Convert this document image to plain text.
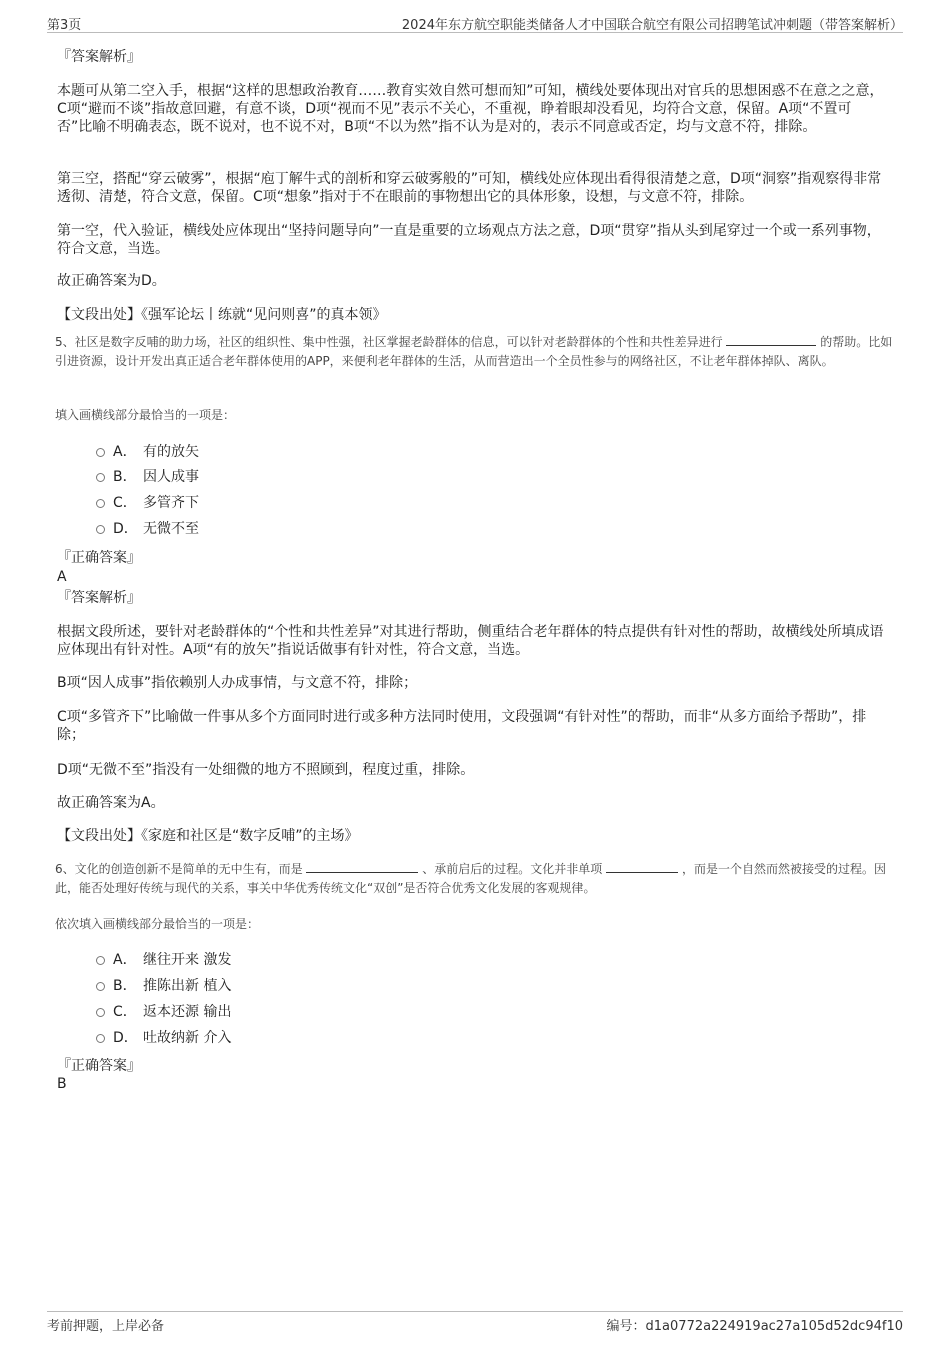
第3页	2024年东方航空职能类储备人才中国联合航空有限公司招聘笔试冲刺题（带答案解析）
『答案解析』
本题可从第二空入手，根据“这样的思想政治教育……教育实效自然可想而知”可知，横线处要体现出对官兵的思想困惑不在意之之意，C项“避而不谈”指故意回避，有意不谈，D项“视而不见”表示不关心，不重视，睁着眼却没看见，均符合文意，保留。A项“不置可否”比喻不明确表态，既不说对，也不说不对，B项“不以为然”指不认为是对的，表示不同意或否定，均与文意不符，排除。
第三空，搭配“穿云破雾”，根据“庖丁解牛式的剖析和穿云破雾般的”可知，横线处应体现出看得很清楚之意，D项“洞察”指观察得非常透彻、清楚，符合文意，保留。C项“想象”指对于不在眼前的事物想出它的具体形象，设想，与文意不符，排除。
第一空，代入验证，横线处应体现出“坚持问题导向”一直是重要的立场观点方法之意，D项“贯穿”指从头到尾穿过一个或一系列事物，符合文意，当选。
故正确答案为D。
【文段出处】《强军论坛丨练就“见问则喜”的真本领》
5、社区是数字反哺的助力场，社区的组织性、集中性强，社区掌握老龄群体的信息，可以针对老龄群体的个性和共性差异进行	的帮助。比如引进资源，设计开发出真正适合老年群体使用的APP，来便利老年群体的生活，从而营造出一个全员性参与的网络社区，不让老年群体掉队、离队。
填入画横线部分最恰当的一项是：
A． 有的放矢
B． 因人成事
C． 多管齐下
D． 无微不至
『正确答案』
A
『答案解析』
根据文段所述，要针对老龄群体的“个性和共性差异”对其进行帮助，侧重结合老年群体的特点提供有针对性的帮助，故横线处所填成语应体现出有针对性。A项“有的放矢”指说话做事有针对性，符合文意，当选。
B项“因人成事”指依赖别人办成事情，与文意不符，排除；
C项“多管齐下”比喻做一件事从多个方面同时进行或多种方法同时使用，文段强调“有针对性”的帮助，而非“从多方面给予帮助”，排除；
D项“无微不至”指没有一处细微的地方不照顾到，程度过重，排除。
故正确答案为A。
【文段出处】《家庭和社区是“数字反哺”的主场》
6、文化的创造创新不是简单的无中生有，而是	、承前启后的过程。文化并非单项	，而是一个自然而然被接受的过程。因此，能否处理好传统与现代的关系，事关中华优秀传统文化“双创”是否符合优秀文化发展的客观规律。
依次填入画横线部分最恰当的一项是：
A． 继往开来 激发
B． 推陈出新 植入
C． 返本还源 输出
D． 吐故纳新 介入
『正确答案』
B
考前押题，上岸必备	编号：d1a0772a224919ac27a105d52dc94f10
